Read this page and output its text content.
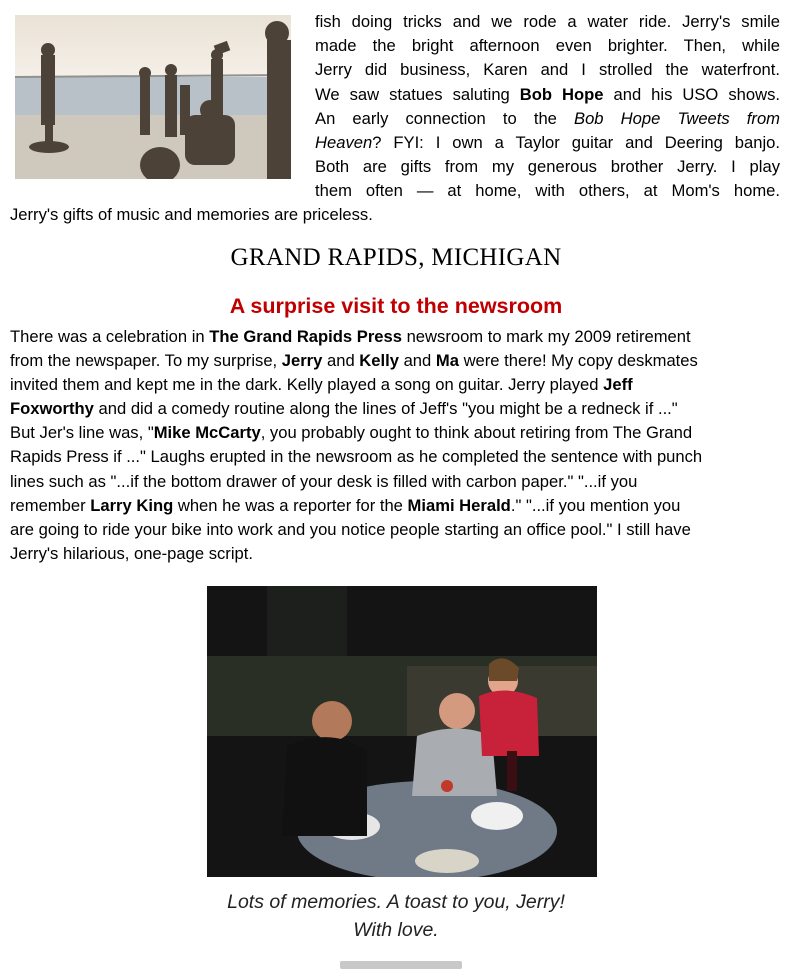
fish doing tricks and we rode a water ride. Jerry's smile
made the bright afternoon even brighter. Then, while
Jerry did business, Karen and I strolled the waterfront.
We saw statues saluting Bob Hope and his USO shows.
An early connection to the Bob Hope Tweets from
Heaven? FYI: I own a Taylor guitar and Deering banjo.
Both are gifts from my generous brother Jerry. I play
them often — at home, with others, at Mom's home.
Jerry's gifts of music and memories are priceless.
GRAND RAPIDS, MICHIGAN
A surprise visit to the newsroom
There was a celebration in The Grand Rapids Press newsroom to mark my 2009 retirement
from the newspaper. To my surprise, Jerry and Kelly and Ma were there! My copy deskmates
invited them and kept me in the dark. Kelly played a song on guitar. Jerry played Jeff
Foxworthy and did a comedy routine along the lines of Jeff's "you might be a redneck if ..."
But Jer's line was, "Mike McCarty, you probably ought to think about retiring from The Grand
Rapids Press if ..." Laughs erupted in the newsroom as he completed the sentence with punch
lines such as "...if the bottom drawer of your desk is filled with carbon paper." "...if you
remember Larry King when he was a reporter for the Miami Herald." "...if you mention you
are going to ride your bike into work and you notice people starting an office pool." I still have
Jerry's hilarious, one-page script.
Lots of memories. A toast to you, Jerry!
With love.
